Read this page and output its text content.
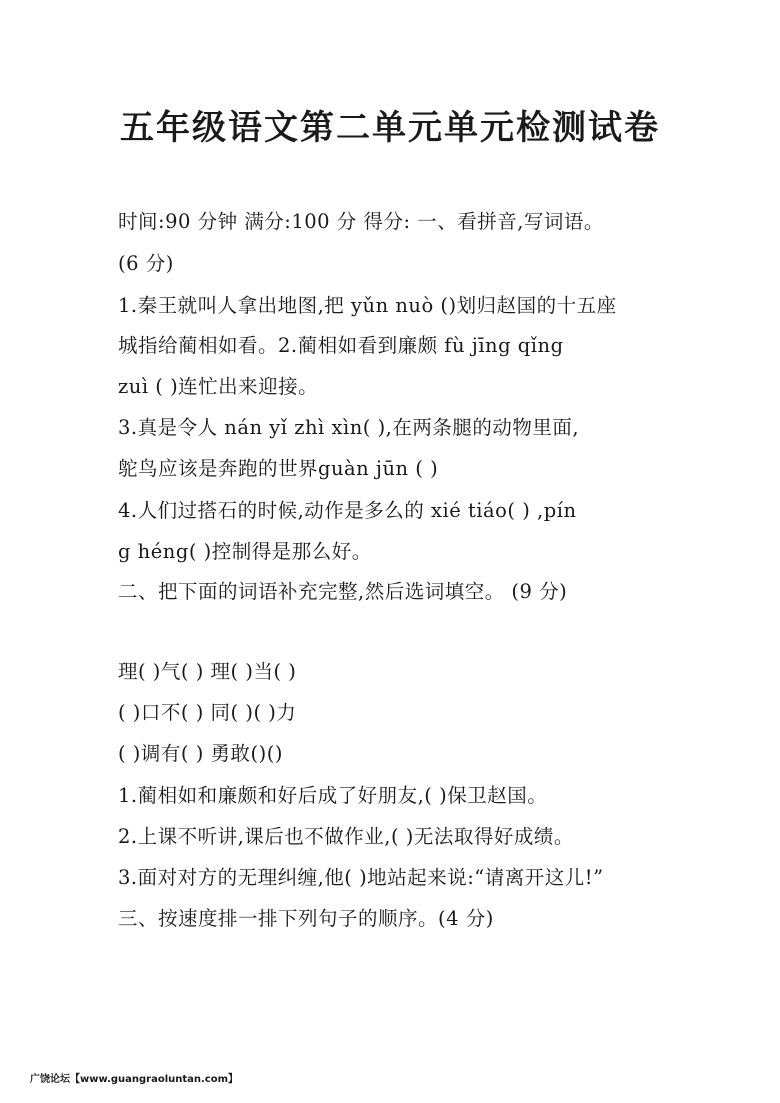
五年级语文第二单元单元检测试卷
时间:90 分钟 满分:100 分 得分: 一、看拼音,写词语。
(6 分)
1.秦王就叫人拿出地图,把 yǔn nuò ()划归赵国的十五座
城指给蔺相如看。2.蔺相如看到廉颇 fù jīng qǐng
zuì ( )连忙出来迎接。
3.真是令人 nán yǐ zhì xìn( ),在两条腿的动物里面,
鸵鸟应该是奔跑的世界guàn jūn ( )
4.人们过搭石的时候,动作是多么的 xié tiáo( ) ,pín
g héng( )控制得是那么好。
二、把下面的词语补充完整,然后选词填空。 (9 分)
理( )气( ) 理( )当( )
( )口不( ) 同( )( )力
( )调有( ) 勇敢()()
1.蔺相如和廉颇和好后成了好朋友,( )保卫赵国。
2.上课不听讲,课后也不做作业,( )无法取得好成绩。
3.面对对方的无理纠缠,他( )地站起来说:“请离开这儿!”
三、按速度排一排下列句子的顺序。(4 分)
广饶论坛【www.guangraoluntan.com】
